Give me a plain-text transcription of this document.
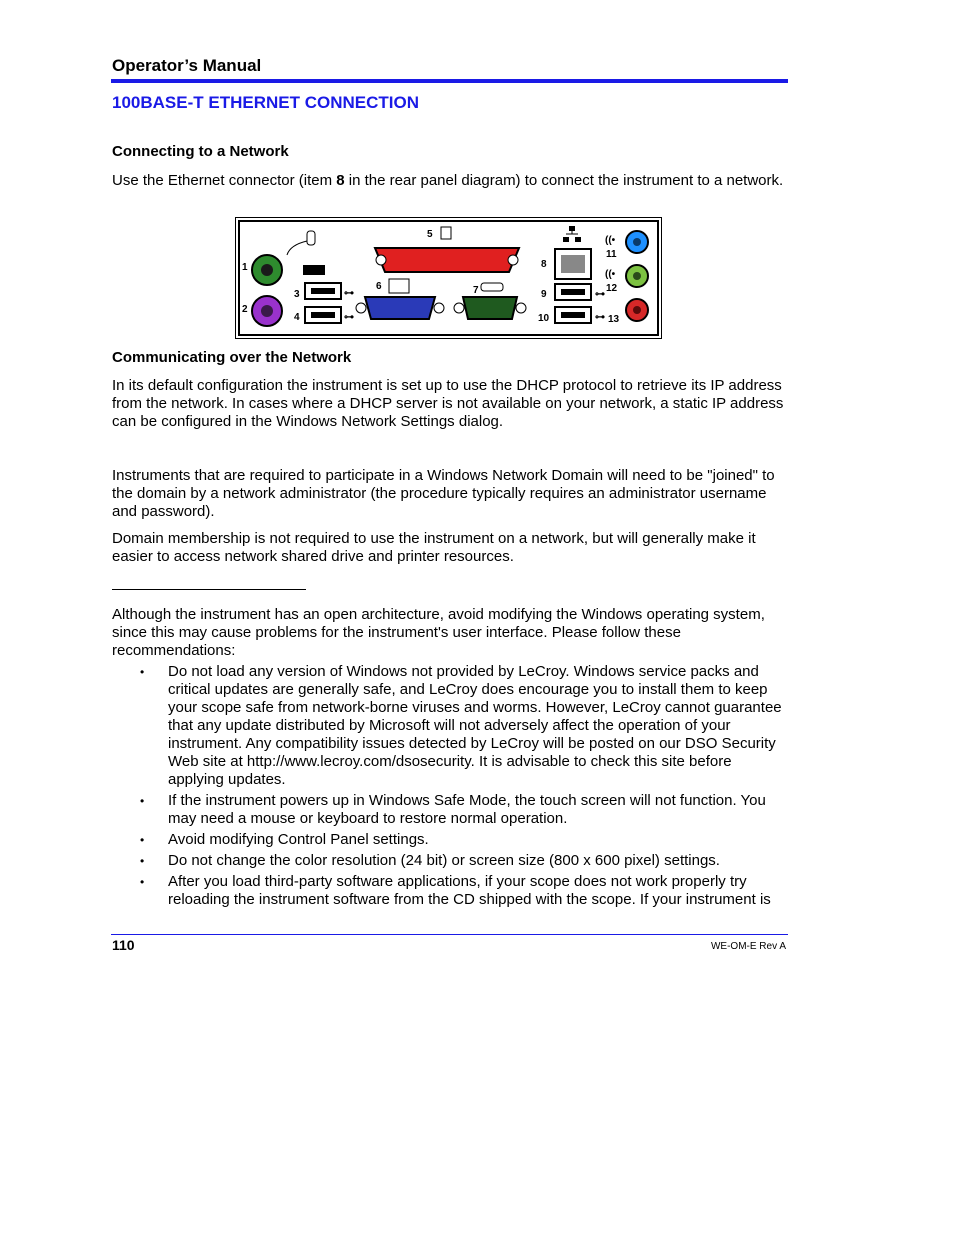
Operator’s Manual
100BASE-T ETHERNET CONNECTION
Connecting to a Network
Use the Ethernet connector (item 8 in the rear panel diagram) to connect the instrument to a network.
⊶
⊶
⊶
⊶
((•
((•
1
2
3
4
5
6	7
8
9
10
11
12
13
Communicating over the Network
In its default configuration the instrument is set up to use the DHCP protocol to retrieve its IP address from the network. In cases where a DHCP server is not available on your network, a static IP address can be configured in the Windows Network Settings dialog.
Instruments that are required to participate in a Windows Network Domain will need to be "joined" to the domain by a network administrator (the procedure typically requires an administrator username and password).
Domain membership is not required to use the instrument on a network, but will generally make it easier to access network shared drive and printer resources.
Although the instrument has an open architecture, avoid modifying the Windows operating system, since this may cause problems for the instrument's user interface. Please follow these recommendations:
• Do not load any version of Windows not provided by LeCroy. Windows service packs and critical updates are generally safe, and LeCroy does encourage you to install them to keep your scope safe from network-borne viruses and worms. However, LeCroy cannot guarantee that any update distributed by Microsoft will not adversely affect the operation of your instrument. Any compatibility issues detected by LeCroy will be posted on our DSO Security Web site at http://www.lecroy.com/dsosecurity. It is advisable to check this site before applying updates.
• If the instrument powers up in Windows Safe Mode, the touch screen will not function. You may need a mouse or keyboard to restore normal operation.
• Avoid modifying Control Panel settings.
• Do not change the color resolution (24 bit) or screen size (800 x 600 pixel) settings.
• After you load third-party software applications, if your scope does not work properly try reloading the instrument software from the CD shipped with the scope. If your instrument is
110	WE-OM-E Rev A
